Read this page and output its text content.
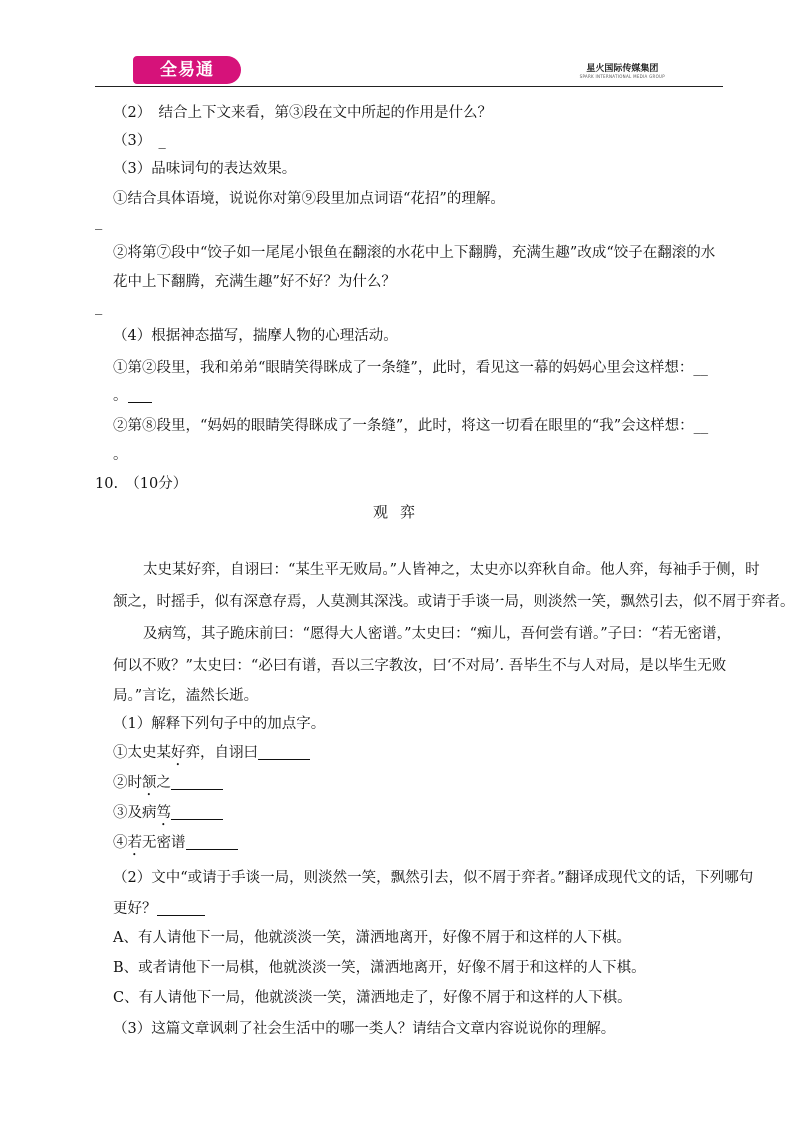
全易通	星火国际传媒集团
SPARK INTERNATIONAL MEDIA GROUP
（2）　结合上下文来看，第③段在文中所起的作用是什么？
（3）　_
（3）品味词句的表达效果。
①结合具体语境，说说你对第⑨段里加点词语“花招”的理解。
_
②将第⑦段中“饺子如一尾尾小银鱼在翻滚的水花中上下翻腾，充满生趣”改成“饺子在翻滚的水
花中上下翻腾，充满生趣”好不好？为什么？
_
（4）根据神态描写，揣摩人物的心理活动。
①第②段里，我和弟弟“眼睛笑得眯成了一条缝”，此时，看见这一幕的妈妈心里会这样想：__
。
②第⑧段里，“妈妈的眼睛笑得眯成了一条缝”，此时，将这一切看在眼里的“我”会这样想：__
。
10.　（10分）
观弈
太史某好弈，自诩曰：“某生平无败局。”人皆神之，太史亦以弈秋自命。他人弈，每袖手于侧，时
颔之，时摇手，似有深意存焉，人莫测其深浅。或请于手谈一局，则淡然一笑，飘然引去，似不屑于弈者。
及病笃，其子跪床前曰：“愿得大人密谱。”太史曰：“痴儿，吾何尝有谱。”子曰：“若无密谱，
何以不败？”太史曰：“必曰有谱，吾以三字教汝，曰‘不对局’. 吾毕生不与人对局，是以毕生无败
局。”言讫，溘然长逝。
（1）解释下列句子中的加点字。
①太史某好弈，自诩曰
②时颔之
③及病笃
④若无密谱
（2）文中“或请于手谈一局，则淡然一笑，飘然引去，似不屑于弈者。”翻译成现代文的话，下列哪句
更好？
A、有人请他下一局，他就淡淡一笑，潇洒地离开，好像不屑于和这样的人下棋。
B、或者请他下一局棋，他就淡淡一笑，潇洒地离开，好像不屑于和这样的人下棋。
C、有人请他下一局，他就淡淡一笑，潇洒地走了，好像不屑于和这样的人下棋。
（3）这篇文章讽刺了社会生活中的哪一类人？请结合文章内容说说你的理解。
